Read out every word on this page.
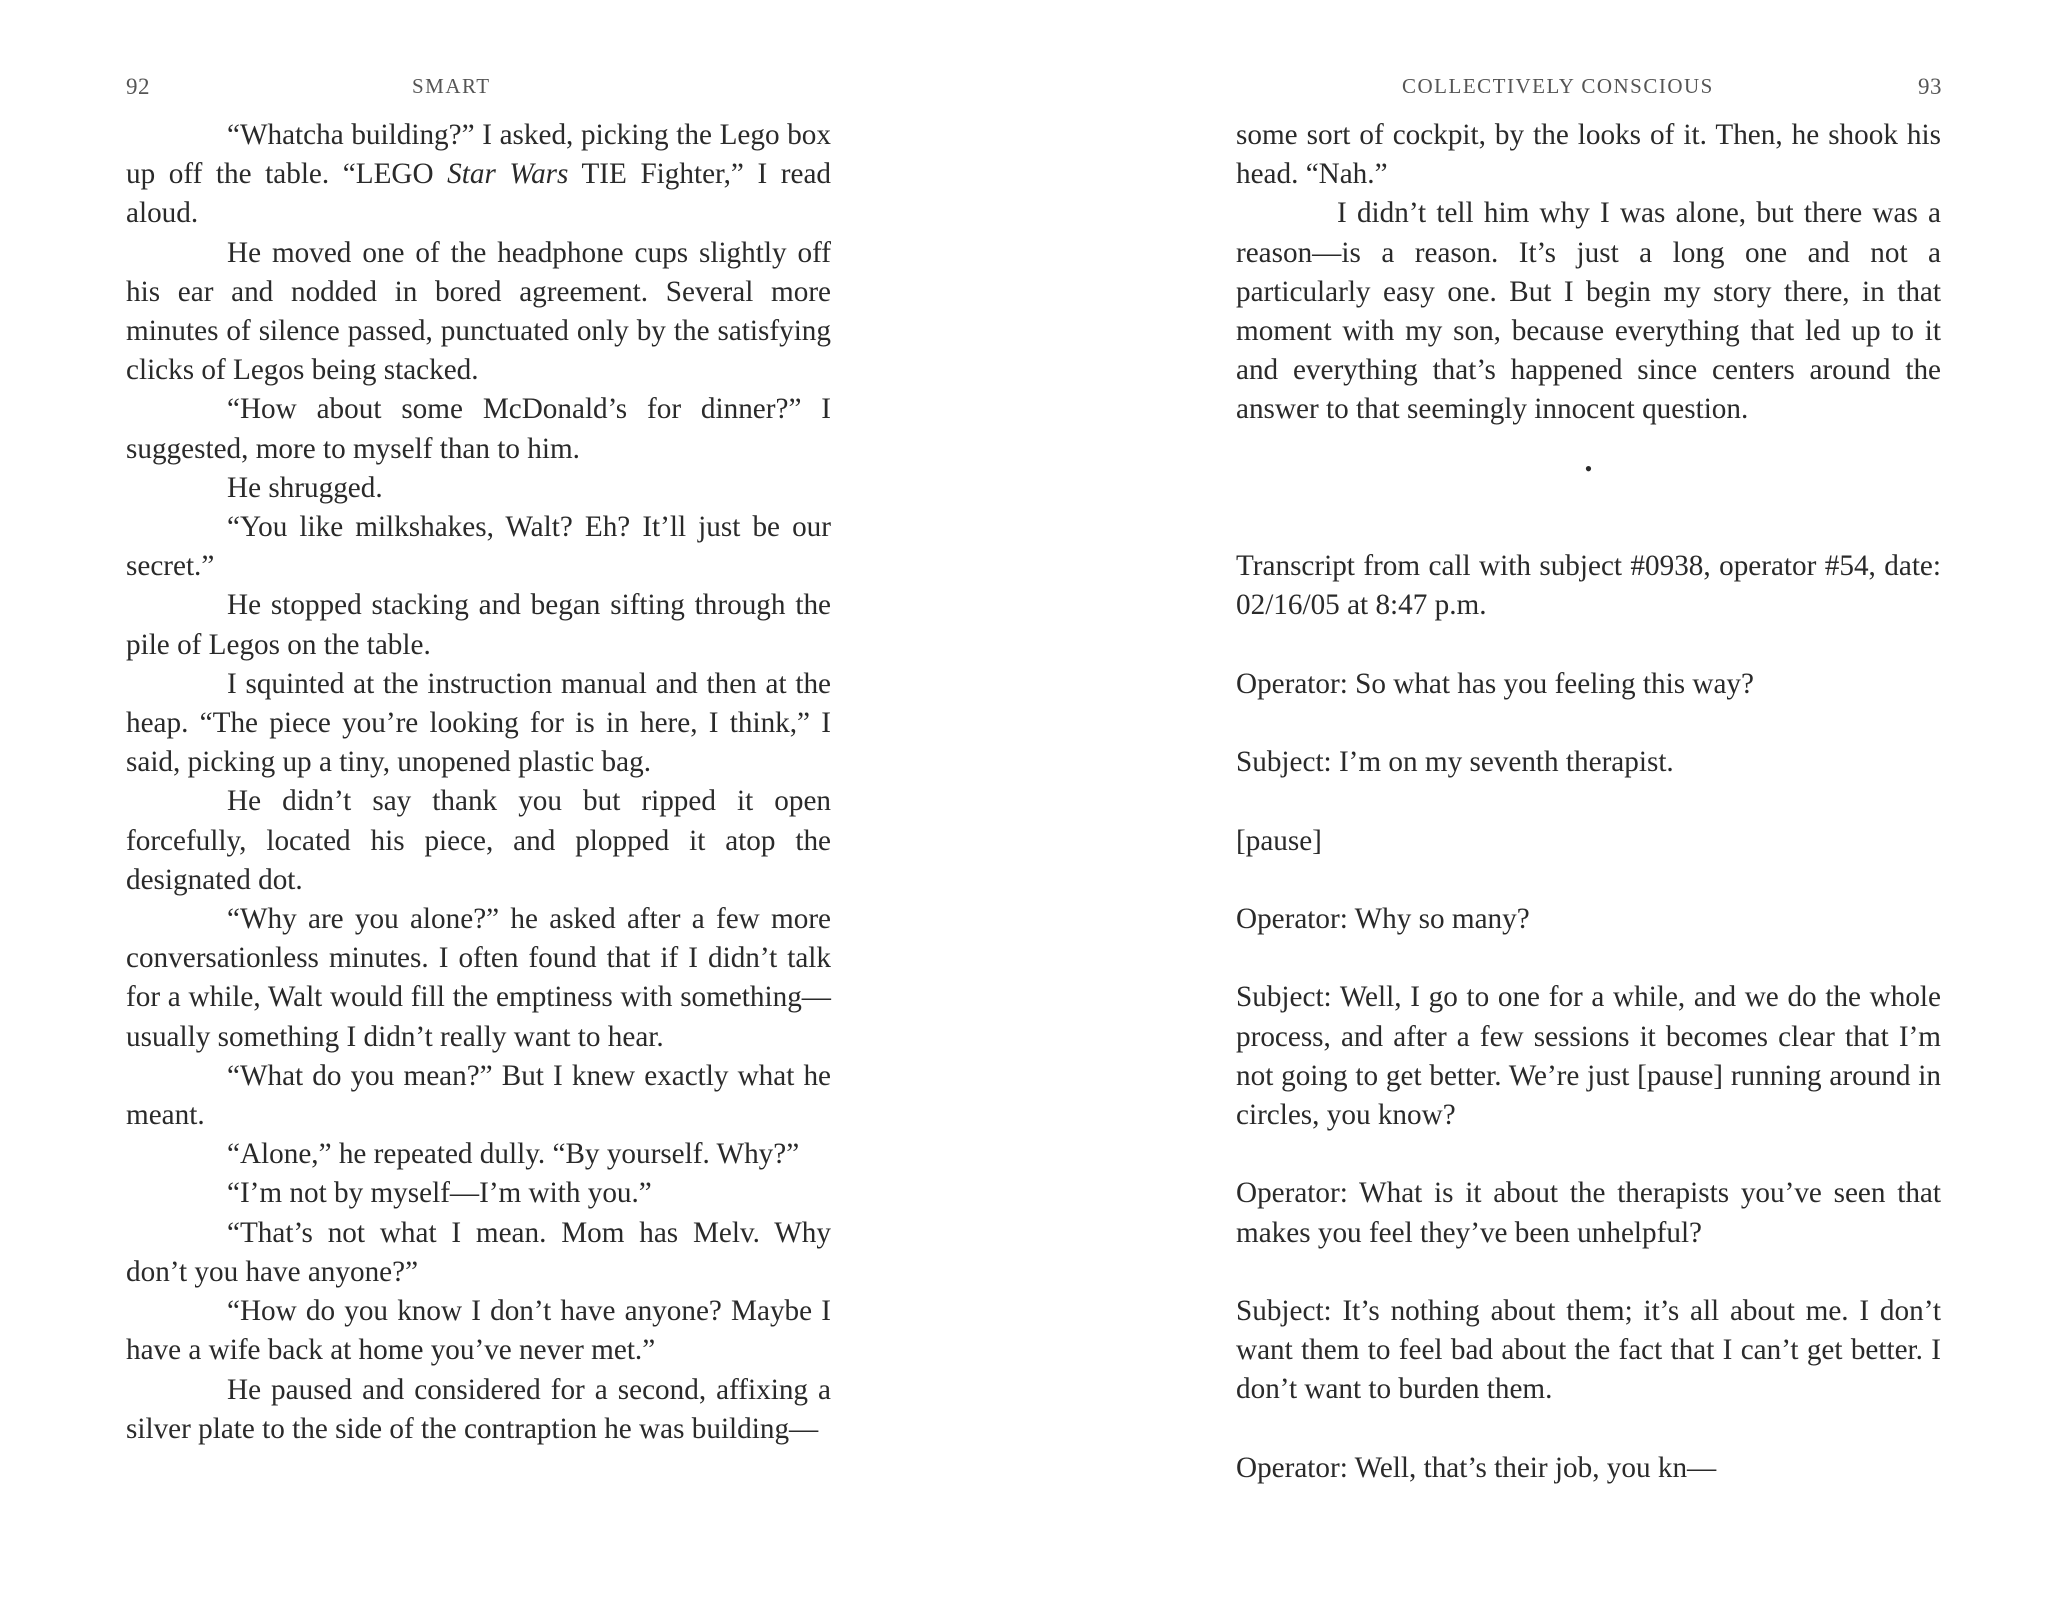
92	SMART

“Whatcha building?” I asked, picking the Lego box up off the table. “LEGO Star Wars TIE Fighter,” I read aloud.

He moved one of the headphone cups slightly off his ear and nodded in bored agreement. Several more minutes of silence passed, punctuated only by the satisfying clicks of Legos being stacked.

“How about some McDonald’s for dinner?” I suggested, more to myself than to him.

He shrugged.

“You like milkshakes, Walt? Eh? It’ll just be our secret.”

He stopped stacking and began sifting through the pile of Legos on the table.

I squinted at the instruction manual and then at the heap. “The piece you’re looking for is in here, I think,” I said, picking up a tiny, unopened plastic bag.

He didn’t say thank you but ripped it open forcefully, located his piece, and plopped it atop the designated dot.

“Why are you alone?” he asked after a few more conversationless minutes. I often found that if I didn’t talk for a while, Walt would fill the emptiness with something—usually something I didn’t really want to hear.

“What do you mean?” But I knew exactly what he meant.

“Alone,” he repeated dully. “By yourself. Why?”

“I’m not by myself—I’m with you.”

“That’s not what I mean. Mom has Melv. Why don’t you have anyone?”

“How do you know I don’t have anyone? Maybe I have a wife back at home you’ve never met.”

He paused and considered for a second, affixing a silver plate to the side of the contraption he was building—

COLLECTIVELY CONSCIOUS	93

some sort of cockpit, by the looks of it. Then, he shook his head. “Nah.”

I didn’t tell him why I was alone, but there was a reason—is a reason. It’s just a long one and not a particularly easy one. But I begin my story there, in that moment with my son, because everything that led up to it and everything that’s happened since centers around the answer to that seemingly innocent question.

•

Transcript from call with subject #0938, operator #54, date: 02/16/05 at 8:47 p.m.

Operator: So what has you feeling this way?

Subject: I’m on my seventh therapist.

[pause]

Operator: Why so many?

Subject: Well, I go to one for a while, and we do the whole process, and after a few sessions it becomes clear that I’m not going to get better. We’re just [pause] running around in circles, you know?

Operator: What is it about the therapists you’ve seen that makes you feel they’ve been unhelpful?

Subject: It’s nothing about them; it’s all about me. I don’t want them to feel bad about the fact that I can’t get better. I don’t want to burden them.

Operator: Well, that’s their job, you kn—
